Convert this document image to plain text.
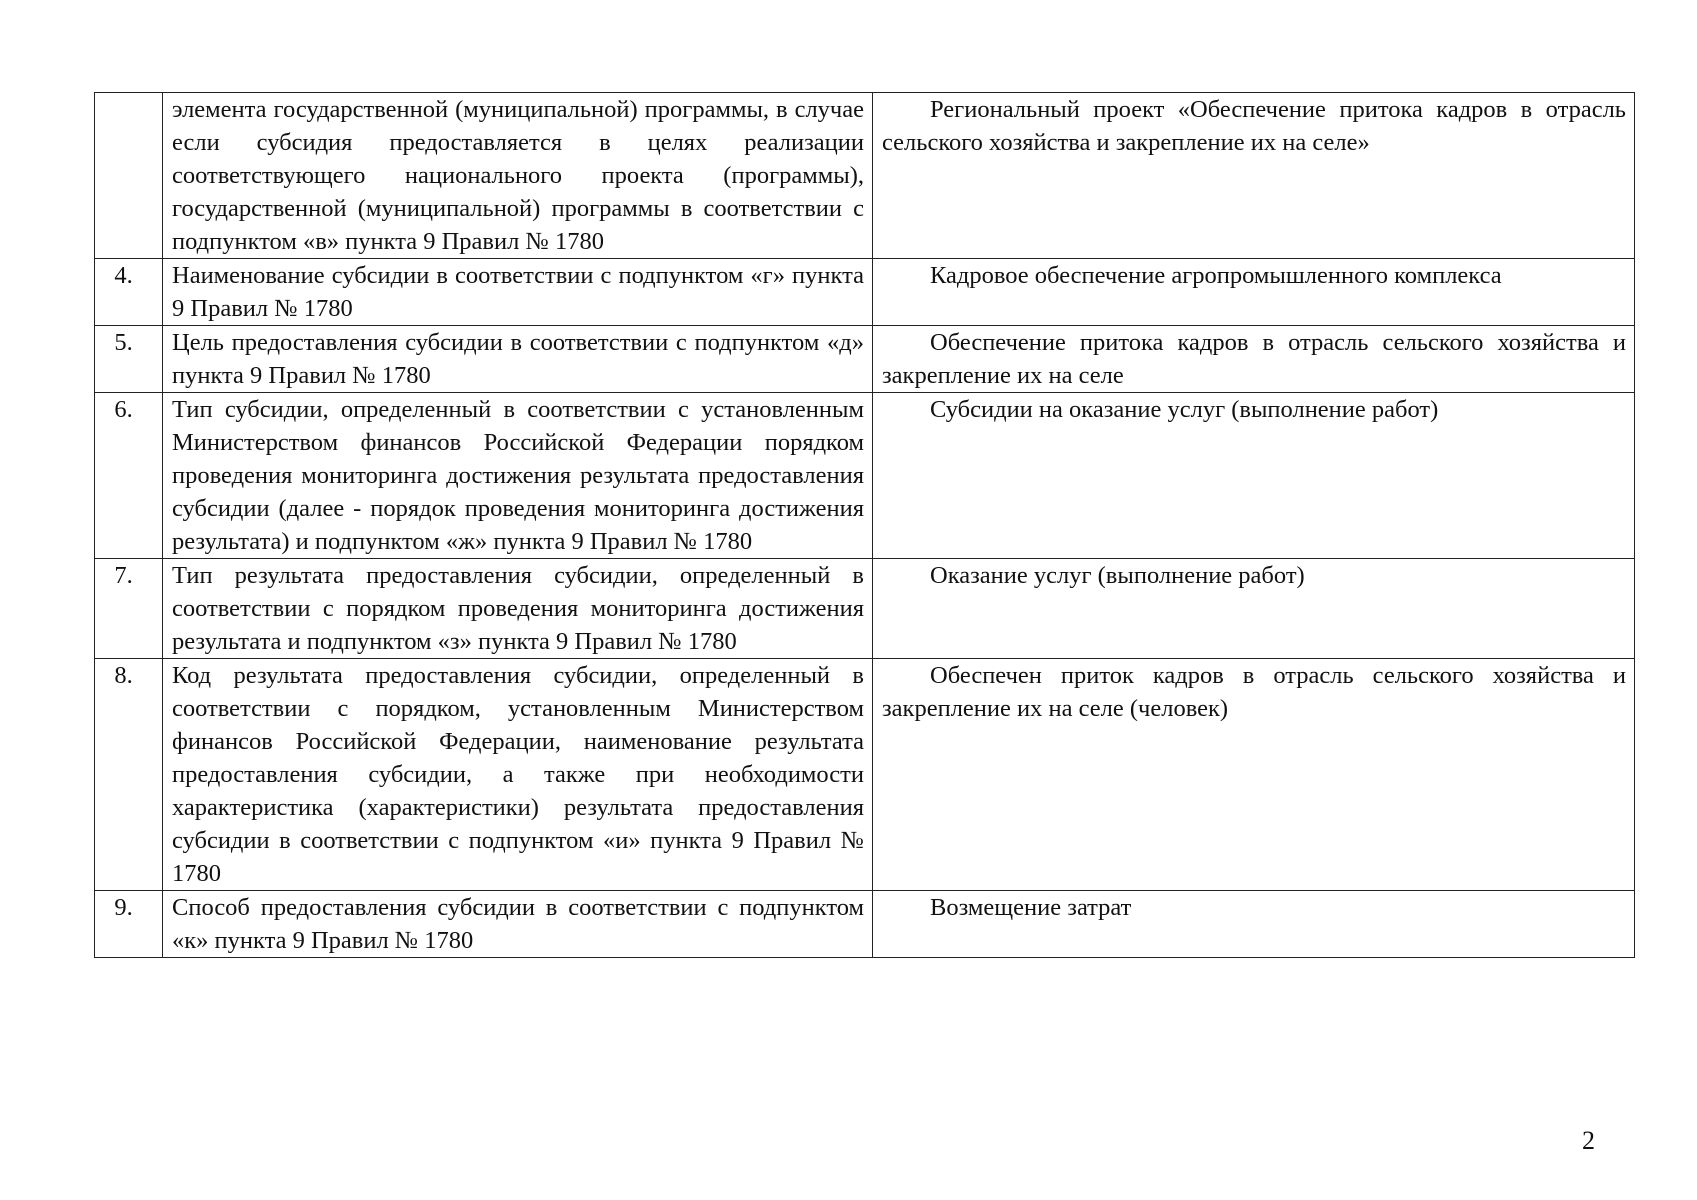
	элемента государственной (муниципальной) программы, в случае если субсидия предоставляется в целях реализации соответствующего национального проекта (программы), государственной (муниципальной) программы в соответствии с подпунктом «в» пункта 9 Правил № 1780	Региональный проект «Обеспечение притока кадров в отрасль сельского хозяйства и закрепление их на селе»
4.	Наименование субсидии в соответствии с подпунктом «г» пункта 9 Правил № 1780	Кадровое обеспечение агропромышленного комплекса
5.	Цель предоставления субсидии в соответствии с подпунктом «д» пункта 9 Правил № 1780	Обеспечение притока кадров в отрасль сельского хозяйства и закрепление их на селе
6.	Тип субсидии, определенный в соответствии с установленным Министерством финансов Российской Федерации порядком проведения мониторинга достижения результата предоставления субсидии (далее - порядок проведения мониторинга достижения результата) и подпунктом «ж» пункта 9 Правил № 1780	Субсидии на оказание услуг (выполнение работ)
7.	Тип результата предоставления субсидии, определенный в соответствии с порядком проведения мониторинга достижения результата и подпунктом «з» пункта 9 Правил № 1780	Оказание услуг (выполнение работ)
8.	Код результата предоставления субсидии, определенный в соответствии с порядком, установленным Министерством финансов Российской Федерации, наименование результата предоставления субсидии, а также при необходимости характеристика (характеристики) результата предоставления субсидии в соответствии с подпунктом «и» пункта 9 Правил № 1780	Обеспечен приток кадров в отрасль сельского хозяйства и закрепление их на селе (человек)
9.	Способ предоставления субсидии в соответствии с подпунктом «к» пункта 9 Правил № 1780	Возмещение затрат
2
